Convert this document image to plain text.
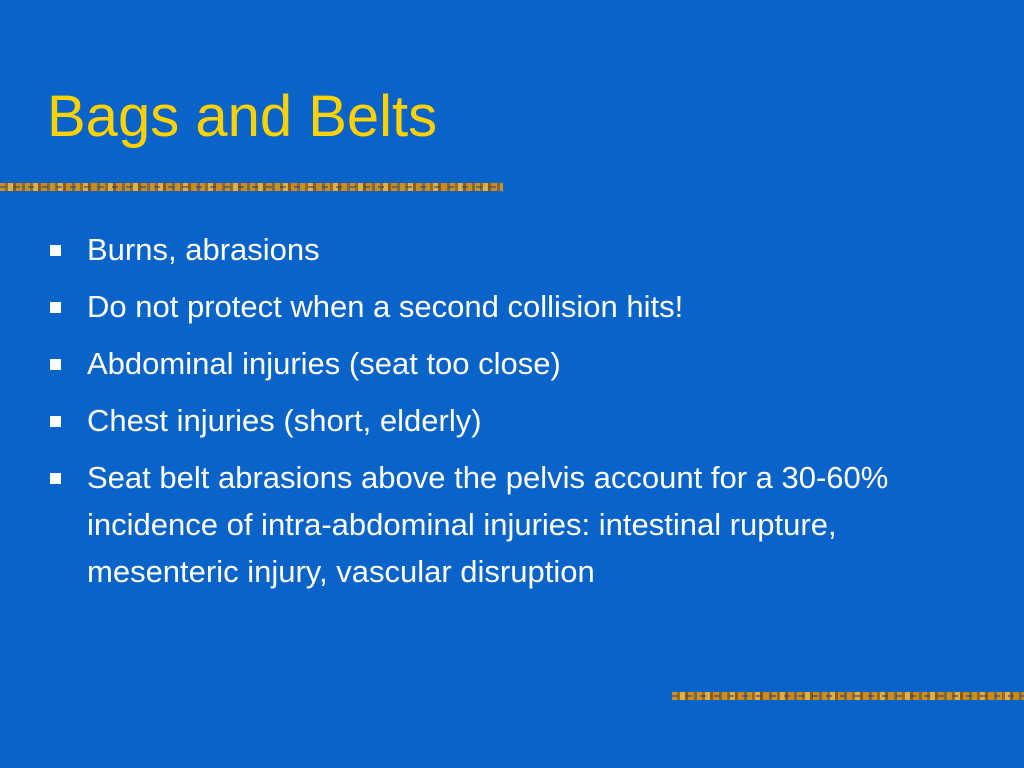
Bags and Belts
Burns, abrasions
Do not protect when a second collision hits!
Abdominal injuries (seat too close)
Chest injuries (short, elderly)
Seat belt abrasions above the pelvis account for a 30-60% incidence of intra-abdominal injuries: intestinal rupture, mesenteric injury, vascular disruption
